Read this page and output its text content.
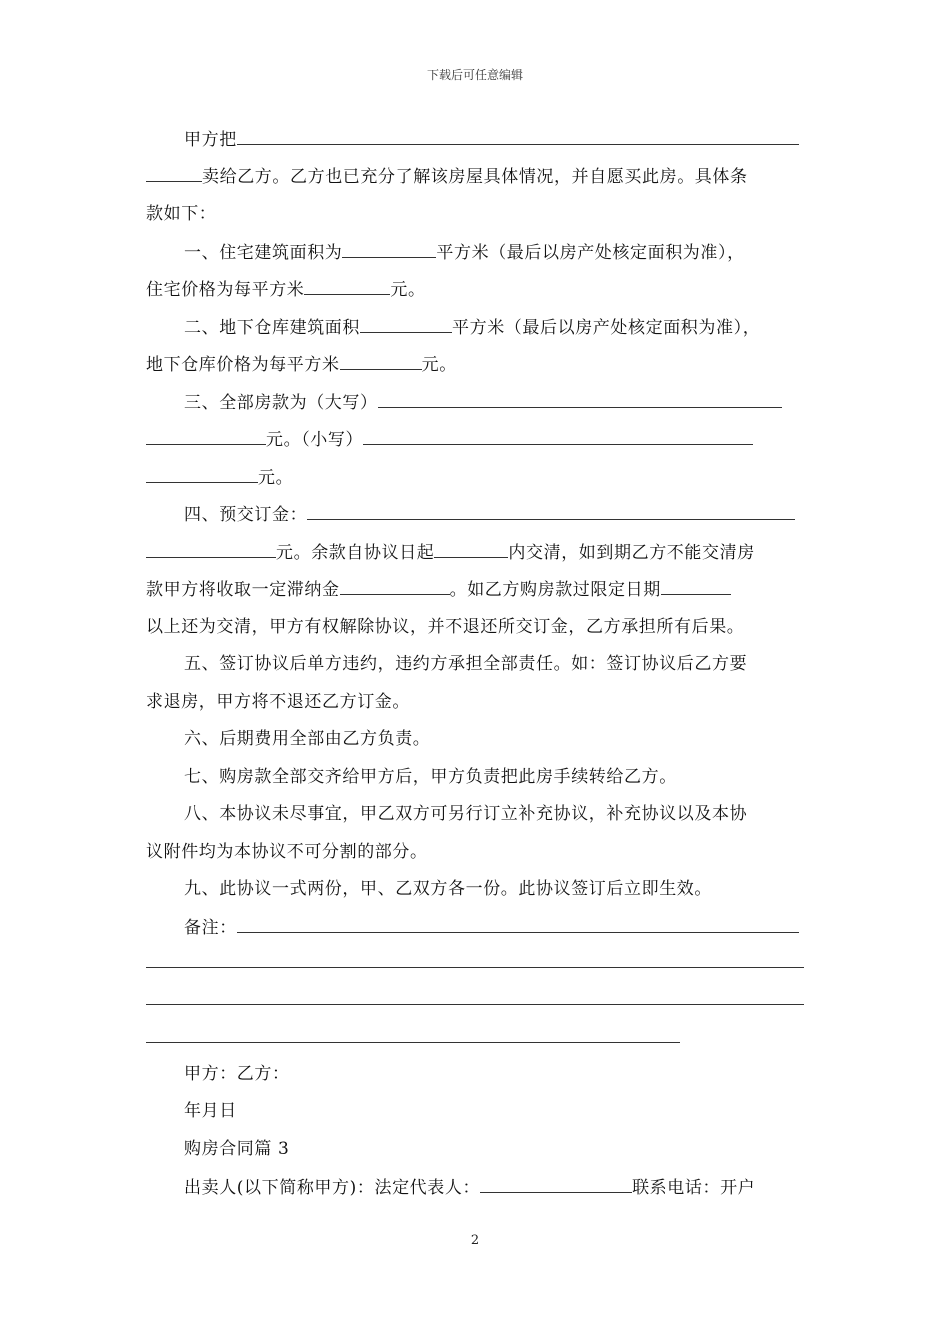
下载后可任意编辑
甲方把
卖给乙方。乙方也已充分了解该房屋具体情况，并自愿买此房。具体条
款如下：
一、住宅建筑面积为	平方米（最后以房产处核定面积为准），
住宅价格为每平方米	元。
二、地下仓库建筑面积	平方米（最后以房产处核定面积为准），
地下仓库价格为每平方米	元。
三、全部房款为（大写）
元。（小写）
元。
四、预交订金：
元。余款自协议日起	内交清，如到期乙方不能交清房
款甲方将收取一定滞纳金	。如乙方购房款过限定日期
以上还为交清，甲方有权解除协议，并不退还所交订金，乙方承担所有后果。
五、签订协议后单方违约，违约方承担全部责任。如：签订协议后乙方要
求退房，甲方将不退还乙方订金。
六、后期费用全部由乙方负责。
七、购房款全部交齐给甲方后，甲方负责把此房手续转给乙方。
八、本协议未尽事宜，甲乙双方可另行订立补充协议，补充协议以及本协
议附件均为本协议不可分割的部分。
九、此协议一式两份，甲、乙双方各一份。此协议签订后立即生效。
备注：
甲方：乙方：
年月日
购房合同篇 3
出卖人(以下简称甲方)：法定代表人：	联系电话：开户
2
